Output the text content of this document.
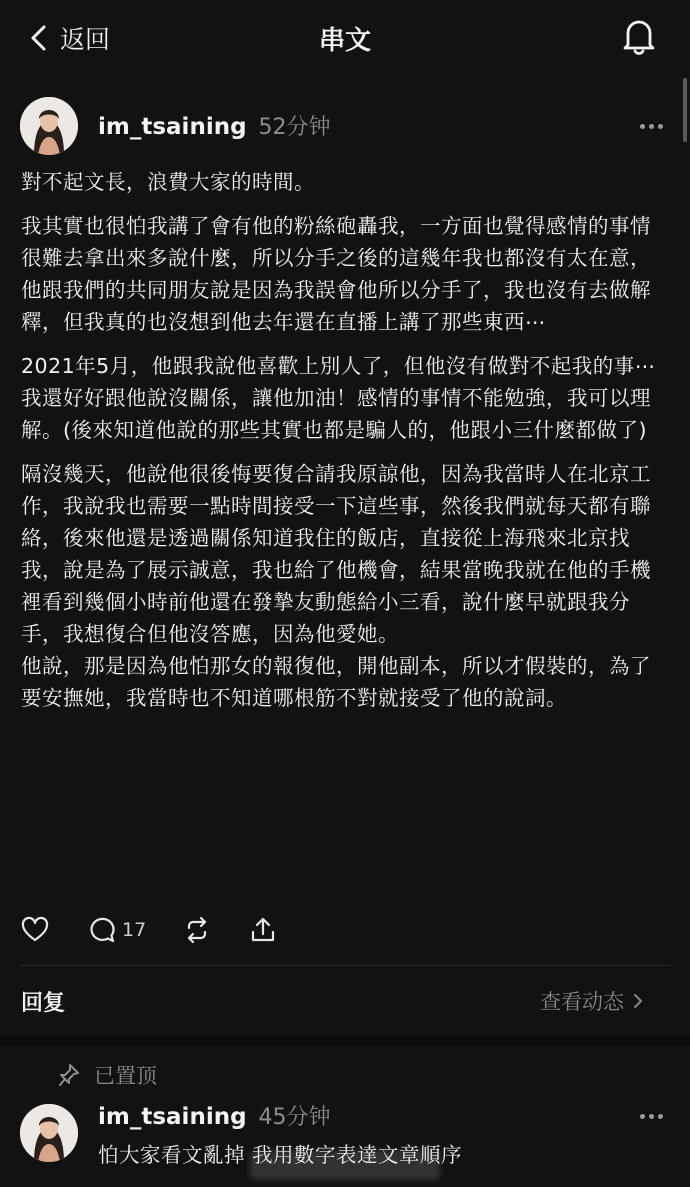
返回	串文
im_tsaining 52分钟

對不起文長，浪費大家的時間。

我其實也很怕我講了會有他的粉絲砲轟我，一方面也覺得感情的事情很難去拿出來多說什麼，所以分手之後的這幾年我也都沒有太在意，他跟我們的共同朋友說是因為我誤會他所以分手了，我也沒有去做解釋，但我真的也沒想到他去年還在直播上講了那些東西⋯

2021年5月，他跟我說他喜歡上別人了，但他沒有做對不起我的事⋯我還好好跟他說沒關係，讓他加油！感情的事情不能勉強，我可以理解。(後來知道他說的那些其實也都是騙人的，他跟小三什麼都做了)

隔沒幾天，他說他很後悔要復合請我原諒他，因為我當時人在北京工作，我說我也需要一點時間接受一下這些事，然後我們就每天都有聯絡，後來他還是透過關係知道我住的飯店，直接從上海飛來北京找我，說是為了展示誠意，我也給了他機會，結果當晚我就在他的手機裡看到幾個小時前他還在發摯友動態給小三看，說什麼早就跟我分手，我想復合但他沒答應，因為他愛她。

他說，那是因為他怕那女的報復他，開他副本，所以才假裝的，為了要安撫她，我當時也不知道哪根筋不對就接受了他的說詞。

17
回复	查看动态
已置顶
im_tsaining 45分钟
怕大家看文亂掉 我用數字表達文章順序
